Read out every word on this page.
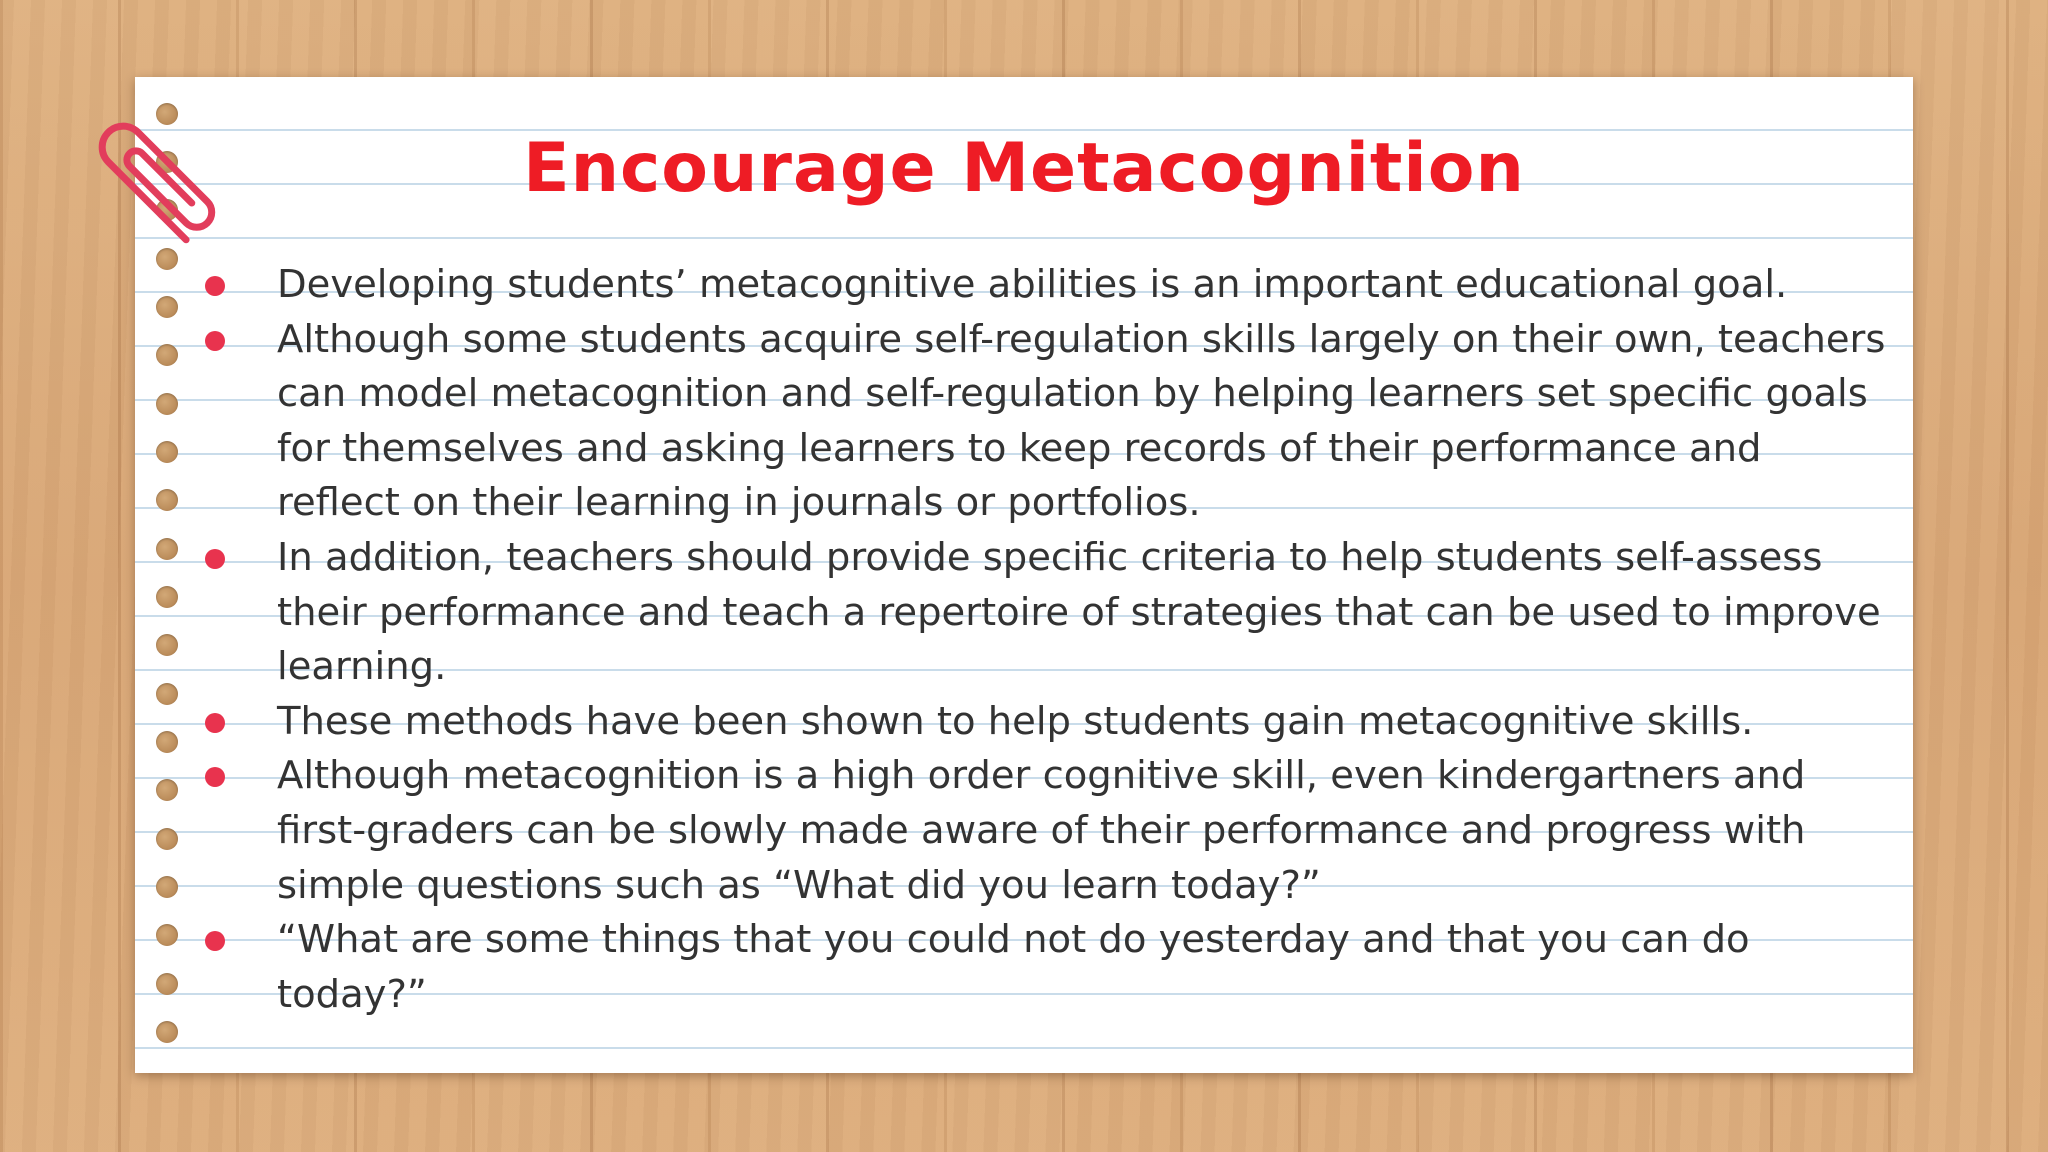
Encourage Metacognition
Developing students’ metacognitive abilities is an important educational goal.
Although some students acquire self-regulation skills largely on their own, teachers can model metacognition and self-regulation by helping learners set specific goals for themselves and asking learners to keep records of their performance and reflect on their learning in journals or portfolios.
In addition, teachers should provide specific criteria to help students self-assess their performance and teach a repertoire of strategies that can be used to improve learning.
These methods have been shown to help students gain metacognitive skills.
Although metacognition is a high order cognitive skill, even kindergartners and first-graders can be slowly made aware of their performance and progress with simple questions such as “What did you learn today?”
“What are some things that you could not do yesterday and that you can do today?”
